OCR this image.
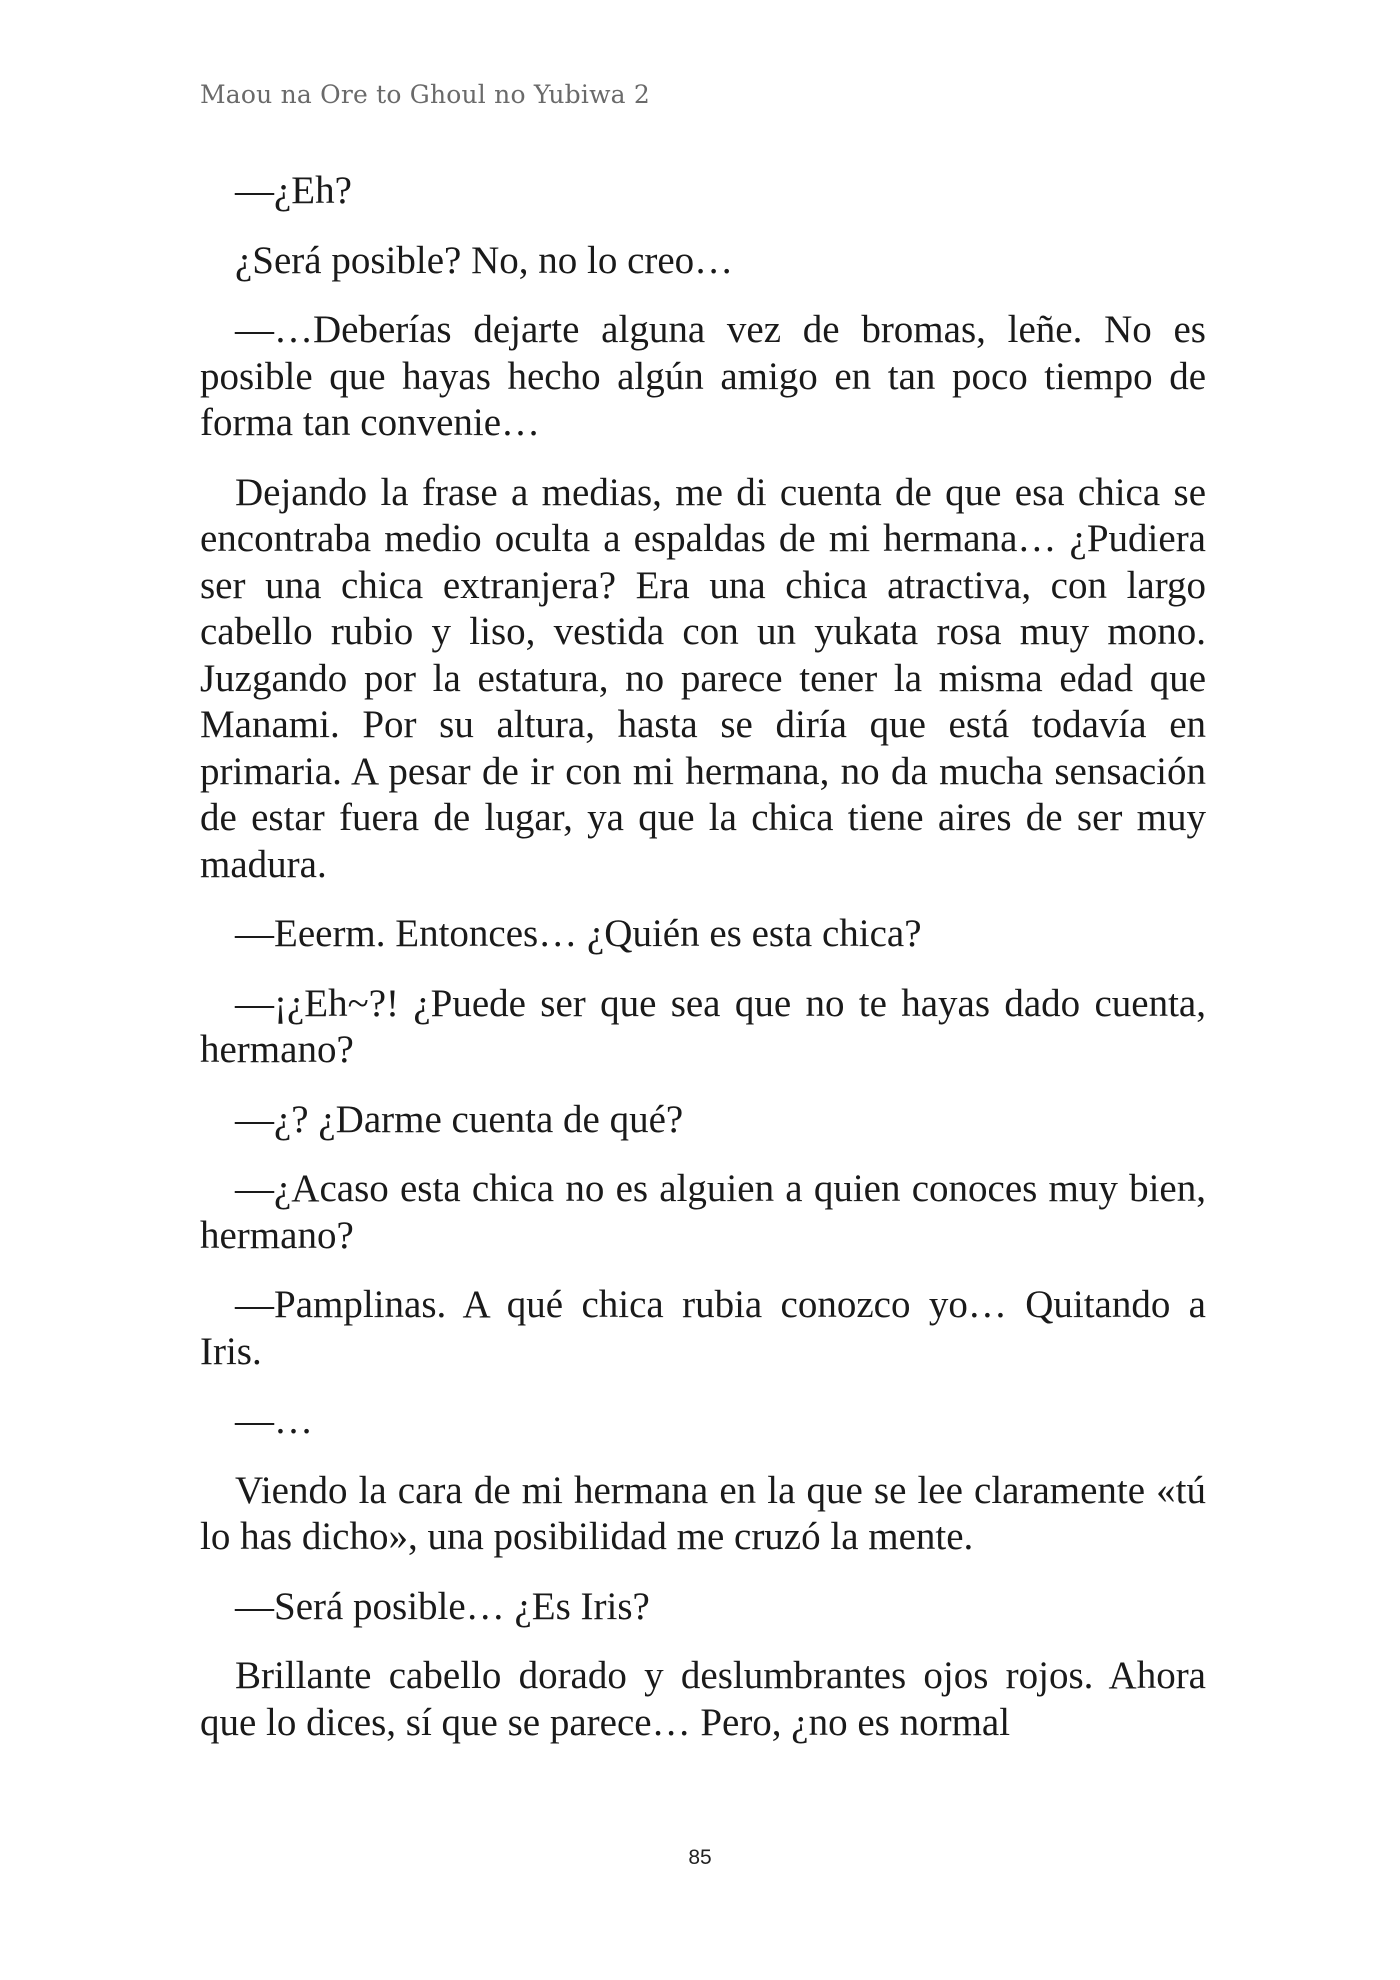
Maou na Ore to Ghoul no Yubiwa 2

—¿Eh?

¿Será posible? No, no lo creo…

—…Deberías dejarte alguna vez de bromas, leñe. No es posible que hayas hecho algún amigo en tan poco tiempo de forma tan convenie…

Dejando la frase a medias, me di cuenta de que esa chica se encontraba medio oculta a espaldas de mi hermana… ¿Pudiera ser una chica extranjera? Era una chica atractiva, con largo cabello rubio y liso, vestida con un yukata rosa muy mono. Juzgando por la estatura, no parece tener la misma edad que Manami. Por su altura, hasta se diría que está todavía en primaria. A pesar de ir con mi hermana, no da mucha sensación de estar fuera de lugar, ya que la chica tiene aires de ser muy madura.

—Eeerm. Entonces… ¿Quién es esta chica?

—¡¿Eh~?! ¿Puede ser que sea que no te hayas dado cuenta, hermano?

—¿? ¿Darme cuenta de qué?

—¿Acaso esta chica no es alguien a quien conoces muy bien, hermano?

—Pamplinas. A qué chica rubia conozco yo… Quitando a Iris.

—…

Viendo la cara de mi hermana en la que se lee claramente «tú lo has dicho», una posibilidad me cruzó la mente.

—Será posible… ¿Es Iris?

Brillante cabello dorado y deslumbrantes ojos rojos. Ahora que lo dices, sí que se parece… Pero, ¿no es normal

85
